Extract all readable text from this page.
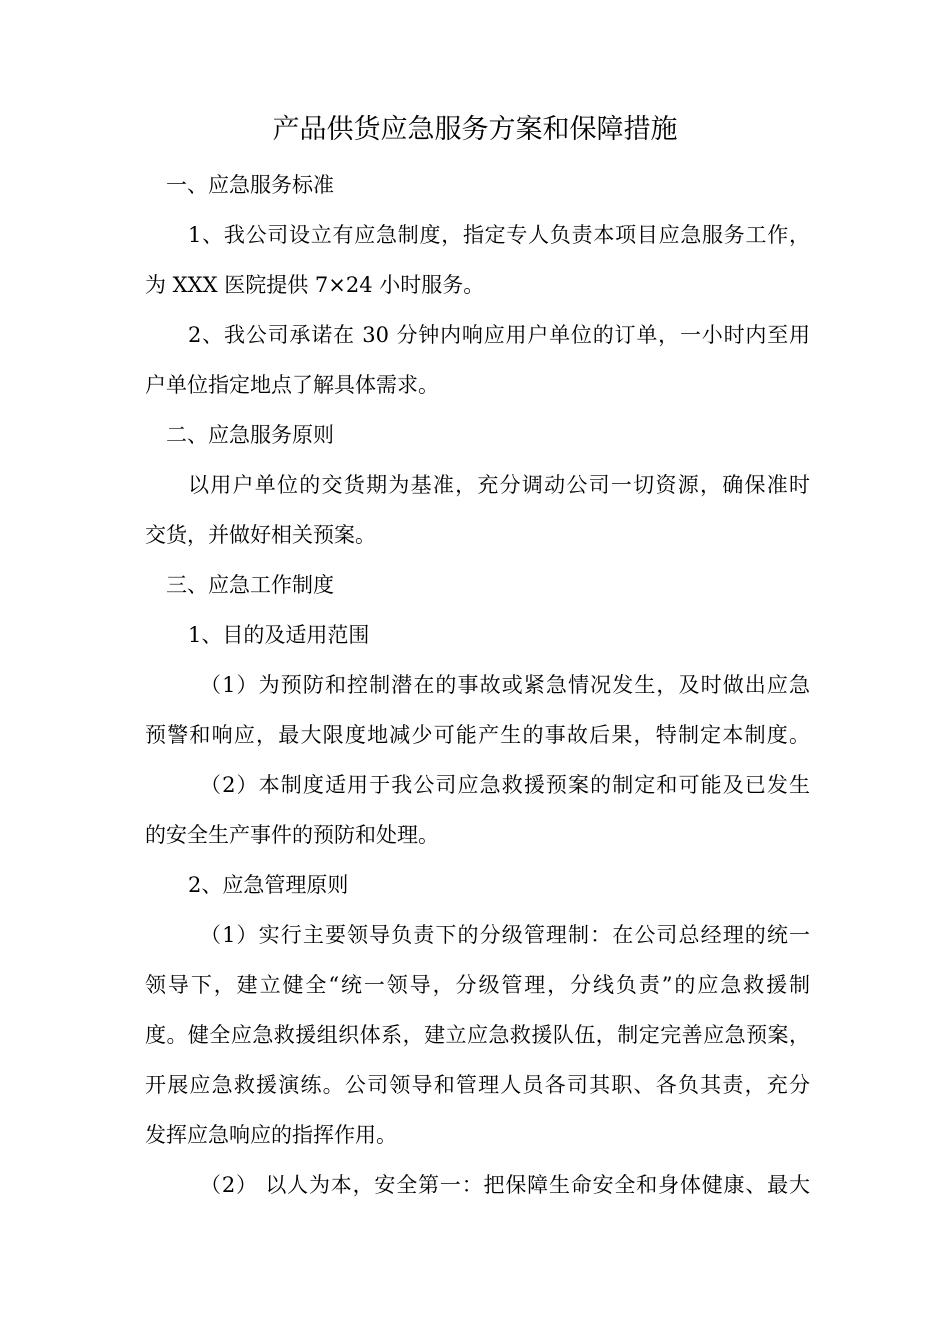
产品供货应急服务方案和保障措施
一、应急服务标准
1、我公司设立有应急制度，指定专人负责本项目应急服务工作，
为 XXX 医院提供 7×24 小时服务。
2、我公司承诺在 30 分钟内响应用户单位的订单，一小时内至用
户单位指定地点了解具体需求。
二、应急服务原则
以用户单位的交货期为基准，充分调动公司一切资源，确保准时
交货，并做好相关预案。
三、应急工作制度
1、目的及适用范围
（1）为预防和控制潜在的事故或紧急情况发生，及时做出应急
预警和响应，最大限度地减少可能产生的事故后果，特制定本制度。
（2）本制度适用于我公司应急救援预案的制定和可能及已发生
的安全生产事件的预防和处理。
2、应急管理原则
（1）实行主要领导负责下的分级管理制：在公司总经理的统一
领导下，建立健全“统一领导，分级管理，分线负责”的应急救援制
度。健全应急救援组织体系，建立应急救援队伍，制定完善应急预案，
开展应急救援演练。公司领导和管理人员各司其职、各负其责，充分
发挥应急响应的指挥作用。
（2） 以人为本，安全第一：把保障生命安全和身体健康、最大
